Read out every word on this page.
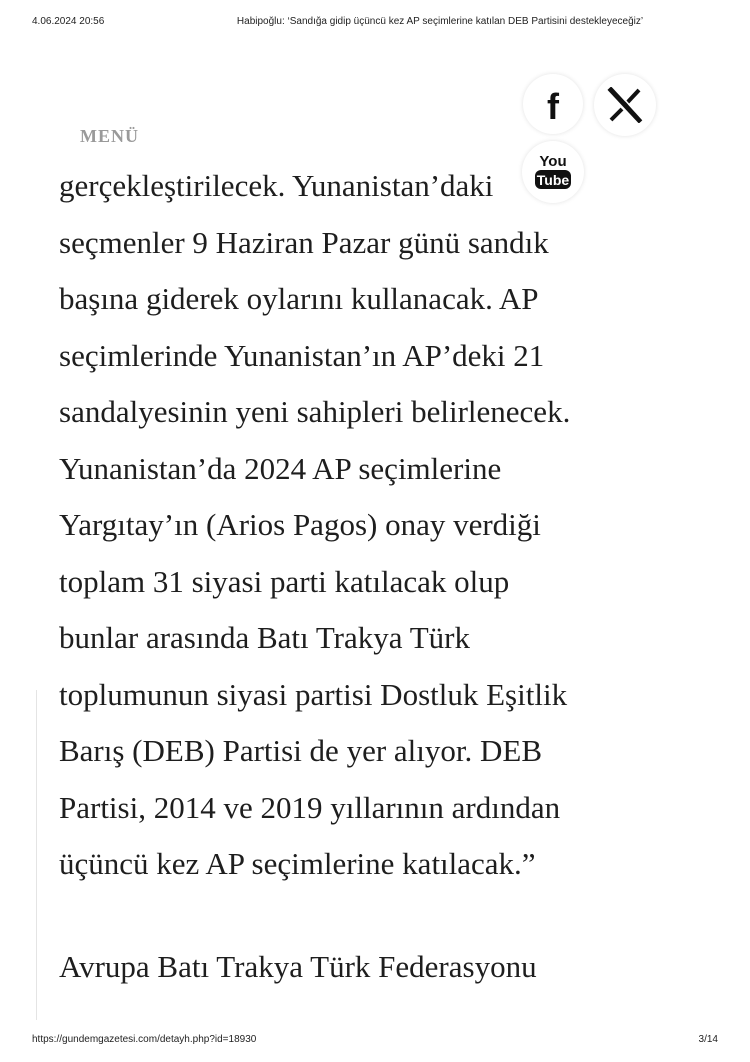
4.06.2024 20:56	Habipoğlu: ‘Sandığa gidip üçüncü kez AP seçimlerine katılan DEB Partisini destekleyeceğiz’

gerçekleştirilecek. Yunanistan’daki
seçmenler 9 Haziran Pazar günü sandık
başına giderek oylarını kullanacak. AP
seçimlerinde Yunanistan’ın AP’deki 21
sandalyesinin yeni sahipleri belirlenecek.
Yunanistan’da 2024 AP seçimlerine
Yargıtay’ın (Arios Pagos) onay verdiği
toplam 31 siyasi parti katılacak olup
bunlar arasında Batı Trakya Türk
toplumunun siyasi partisi Dostluk Eşitlik
Barış (DEB) Partisi de yer alıyor. DEB
Partisi, 2014 ve 2019 yıllarının ardından
üçüncü kez AP seçimlerine katılacak.”

Avrupa Batı Trakya Türk Federasyonu

MENÜ
f
You
Tube
https://gundemgazetesi.com/detayh.php?id=18930	3/14
